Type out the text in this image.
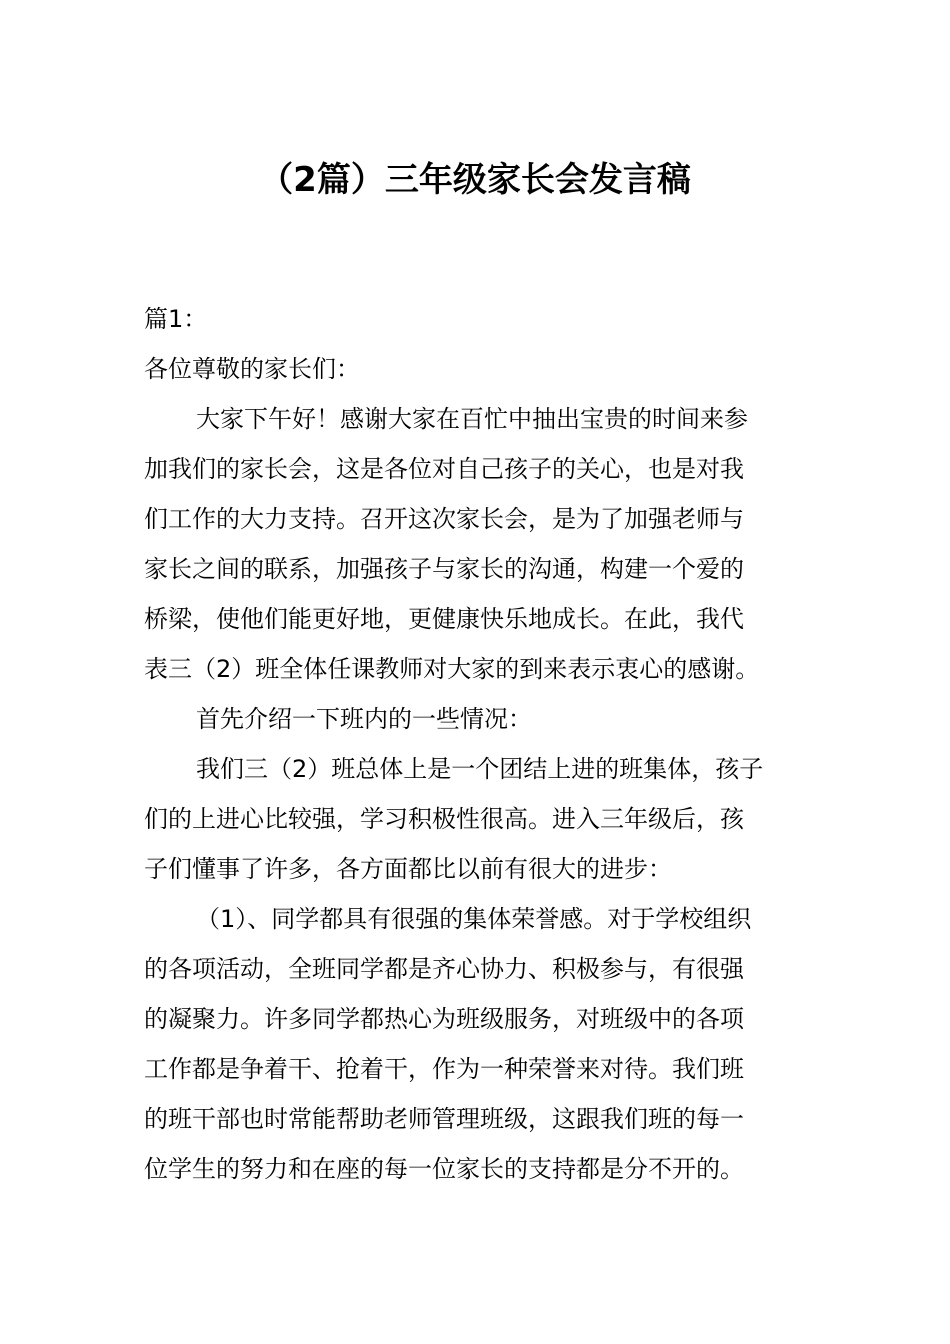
（2篇）三年级家长会发言稿
篇1：
各位尊敬的家长们：
大家下午好！感谢大家在百忙中抽出宝贵的时间来参
加我们的家长会，这是各位对自己孩子的关心，也是对我
们工作的大力支持。召开这次家长会，是为了加强老师与
家长之间的联系，加强孩子与家长的沟通，构建一个爱的
桥梁，使他们能更好地，更健康快乐地成长。在此，我代
表三（2）班全体任课教师对大家的到来表示衷心的感谢。
首先介绍一下班内的一些情况：
我们三（2）班总体上是一个团结上进的班集体，孩子
们的上进心比较强，学习积极性很高。进入三年级后，孩
子们懂事了许多，各方面都比以前有很大的进步：
（1）、同学都具有很强的集体荣誉感。对于学校组织
的各项活动，全班同学都是齐心协力、积极参与，有很强
的凝聚力。许多同学都热心为班级服务，对班级中的各项
工作都是争着干、抢着干，作为一种荣誉来对待。我们班
的班干部也时常能帮助老师管理班级，这跟我们班的每一
位学生的努力和在座的每一位家长的支持都是分不开的。
